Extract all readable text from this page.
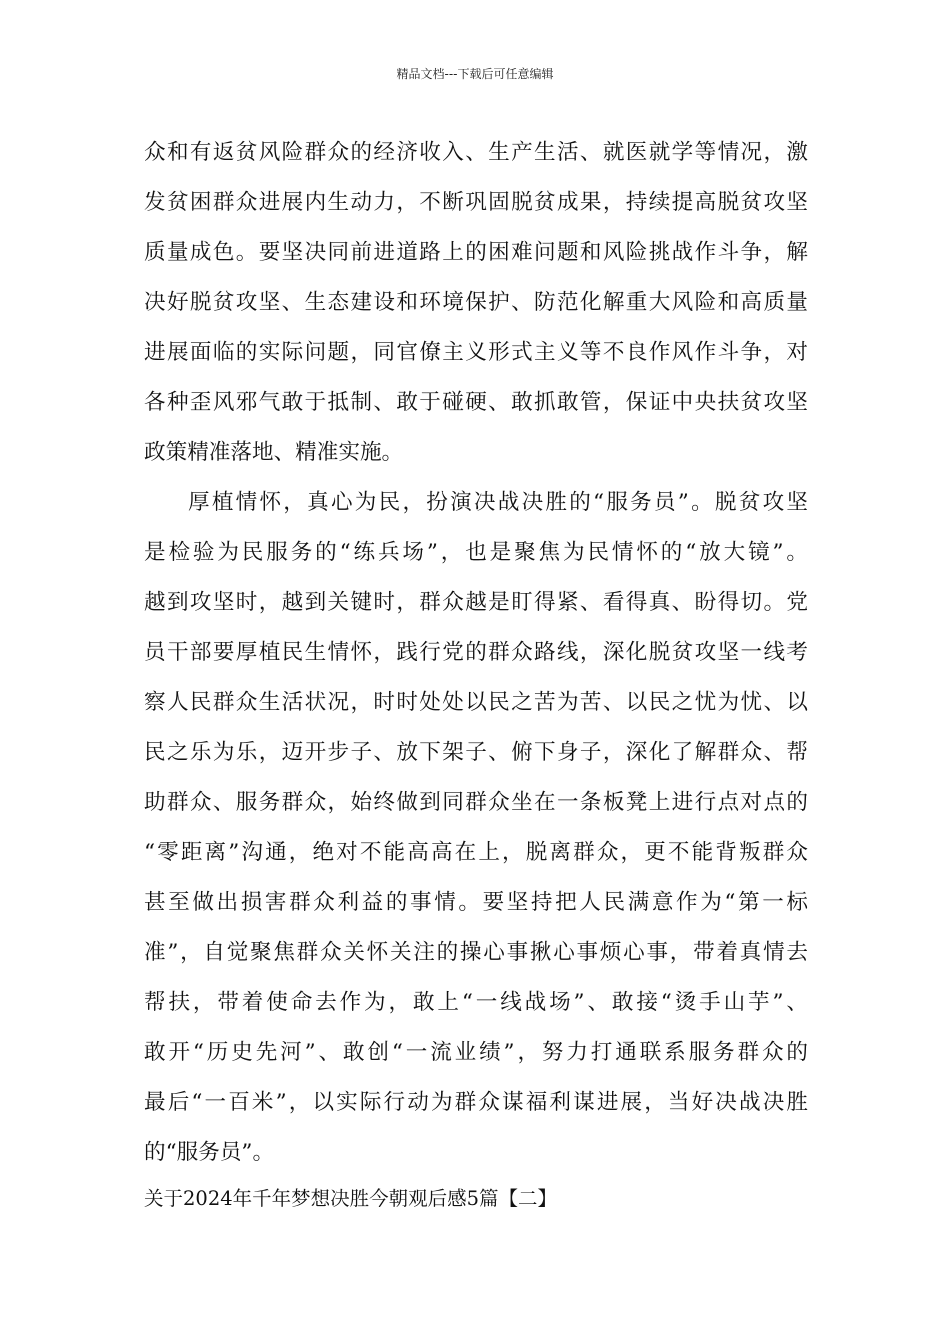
精品文档---下载后可任意编辑
众和有返贫风险群众的经济收入、生产生活、就医就学等情况，激
发贫困群众进展内生动力，不断巩固脱贫成果，持续提高脱贫攻坚
质量成色。要坚决同前进道路上的困难问题和风险挑战作斗争，解
决好脱贫攻坚、生态建设和环境保护、防范化解重大风险和高质量
进展面临的实际问题，同官僚主义形式主义等不良作风作斗争，对
各种歪风邪气敢于抵制、敢于碰硬、敢抓敢管，保证中央扶贫攻坚
政策精准落地、精准实施。
厚植情怀，真心为民，扮演决战决胜的“服务员”。脱贫攻坚
是检验为民服务的“练兵场”，也是聚焦为民情怀的“放大镜”。
越到攻坚时，越到关键时，群众越是盯得紧、看得真、盼得切。党
员干部要厚植民生情怀，践行党的群众路线，深化脱贫攻坚一线考
察人民群众生活状况，时时处处以民之苦为苦、以民之忧为忧、以
民之乐为乐，迈开步子、放下架子、俯下身子，深化了解群众、帮
助群众、服务群众，始终做到同群众坐在一条板凳上进行点对点的
“零距离”沟通，绝对不能高高在上，脱离群众，更不能背叛群众
甚至做出损害群众利益的事情。要坚持把人民满意作为“第一标
准”，自觉聚焦群众关怀关注的操心事揪心事烦心事，带着真情去
帮扶，带着使命去作为，敢上“一线战场”、敢接“烫手山芋”、
敢开“历史先河”、敢创“一流业绩”，努力打通联系服务群众的
最后“一百米”，以实际行动为群众谋福利谋进展，当好决战决胜
的“服务员”。
关于2024年千年梦想决胜今朝观后感5篇【二】
